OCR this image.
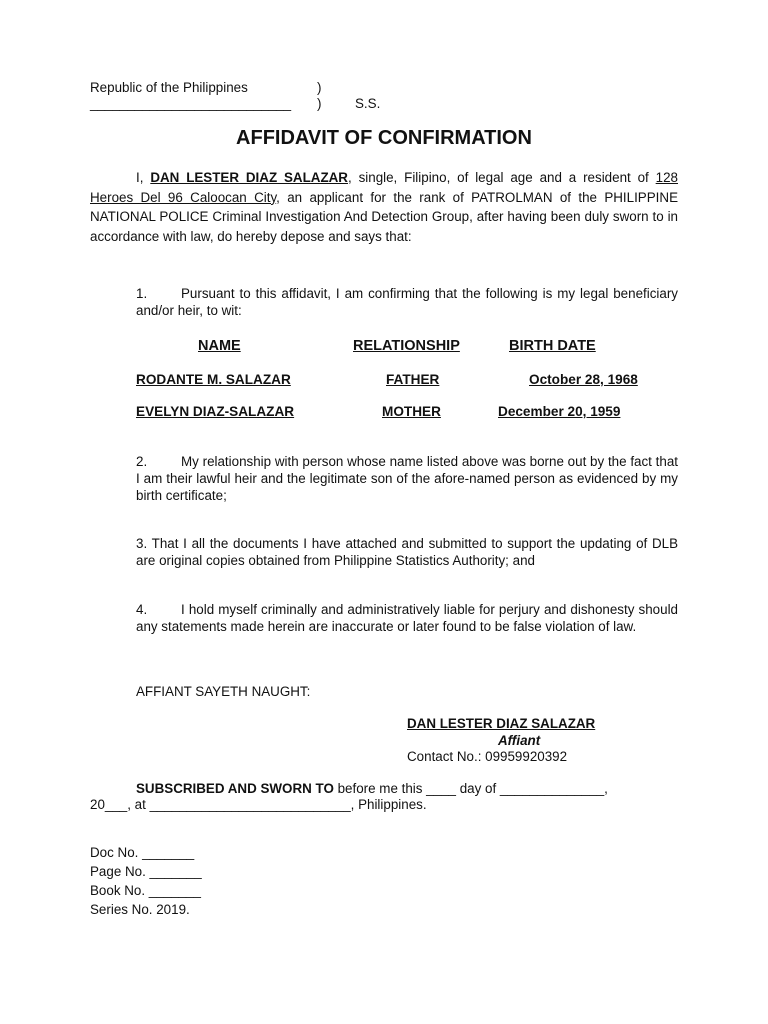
Republic of the Philippines	)
___________________________ )	S.S.
AFFIDAVIT OF CONFIRMATION
I, DAN LESTER DIAZ SALAZAR, single, Filipino, of legal age and a resident of 128 Heroes Del 96 Caloocan City, an applicant for the rank of PATROLMAN of the PHILIPPINE NATIONAL POLICE Criminal Investigation And Detection Group, after having been duly sworn to in accordance with law, do hereby depose and says that:
1.	Pursuant to this affidavit, I am confirming that the following is my legal beneficiary and/or heir, to wit:
NAME	RELATIONSHIP	BIRTH DATE
RODANTE M. SALAZAR	FATHER	October 28, 1968
EVELYN DIAZ-SALAZAR	MOTHER	December 20, 1959
2.	My relationship with person whose name listed above was borne out by the fact that I am their lawful heir and the legitimate son of the afore-named person as evidenced by my birth certificate;
3. That I all the documents I have attached and submitted to support the updating of DLB are original copies obtained from Philippine Statistics Authority; and
4.	I hold myself criminally and administratively liable for perjury and dishonesty should any statements made herein are inaccurate or later found to be false violation of law.
AFFIANT SAYETH NAUGHT:
DAN LESTER DIAZ SALAZAR
Affiant
Contact No.: 09959920392
SUBSCRIBED AND SWORN TO before me this ____ day of ______________,
20___, at ___________________________, Philippines.
Doc No. _______
Page No. _______
Book No. _______
Series No. 2019.
